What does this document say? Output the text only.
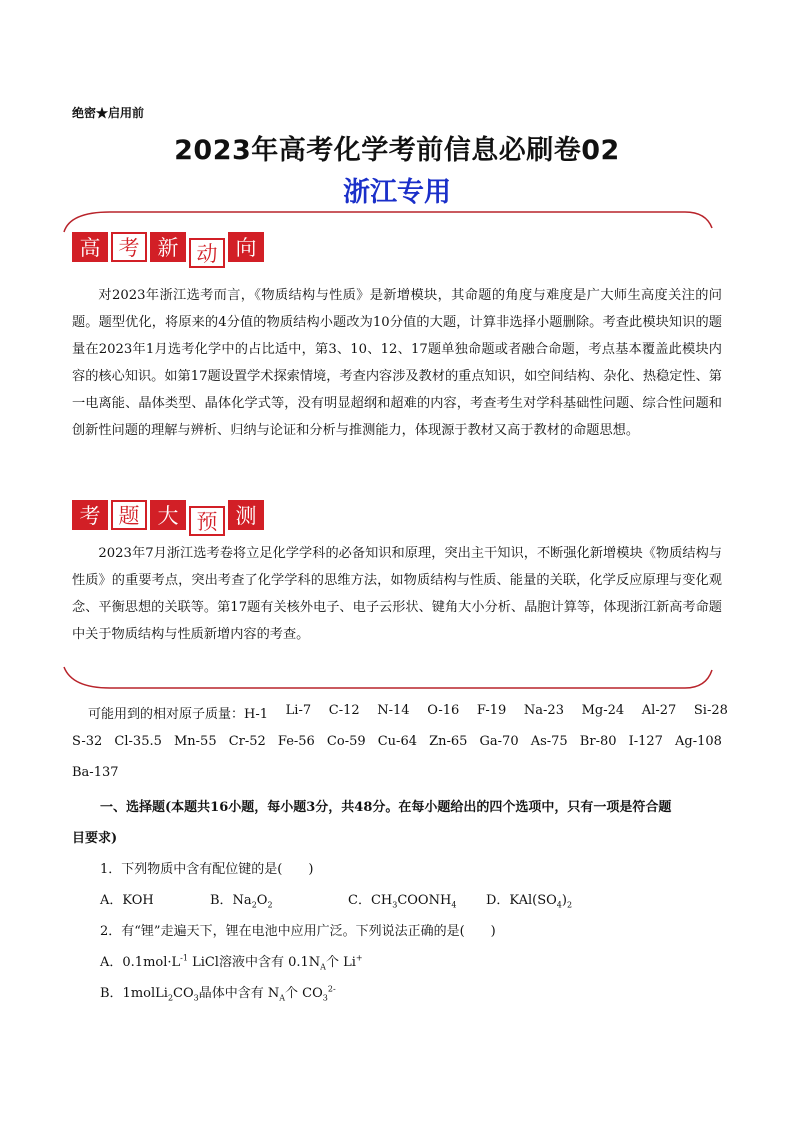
绝密★启用前
2023年高考化学考前信息必刷卷02
浙江专用
高 考 新 动 向
对2023年浙江选考而言，《物质结构与性质》是新增模块，其命题的角度与难度是广大师生高度关注的问题。题型优化，将原来的4分值的物质结构小题改为10分值的大题，计算非选择小题删除。考查此模块知识的题量在2023年1月选考化学中的占比适中，第3、10、12、17题单独命题或者融合命题，考点基本覆盖此模块内容的核心知识。如第17题设置学术探索情境，考查内容涉及教材的重点知识，如空间结构、杂化、热稳定性、第一电离能、晶体类型、晶体化学式等，没有明显超纲和超难的内容，考查考生对学科基础性问题、综合性问题和创新性问题的理解与辨析、归纳与论证和分析与推测能力，体现源于教材又高于教材的命题思想。
考 题 大 预 测
2023年7月浙江选考卷将立足化学学科的必备知识和原理，突出主干知识，不断强化新增模块《物质结构与性质》的重要考点，突出考查了化学学科的思维方法，如物质结构与性质、能量的关联，化学反应原理与变化观念、平衡思想的关联等。第17题有关核外电子、电子云形状、键角大小分析、晶胞计算等，体现浙江新高考命题中关于物质结构与性质新增内容的考查。
可能用到的相对原子质量：H-1 Li-7 C-12 N-14 O-16 F-19 Na-23 Mg-24 Al-27 Si-28
S-32 Cl-35.5 Mn-55 Cr-52 Fe-56 Co-59 Cu-64 Zn-65 Ga-70 As-75 Br-80 I-127 Ag-108
Ba-137
一、选择题(本题共16小题，每小题3分，共48分。在每小题给出的四个选项中，只有一项是符合题
目要求)
1．下列物质中含有配位键的是(　　)
A．KOH	B．$Na_2O_2$	C．$CH_3COONH_4$ D．$KAl(SO_4)_2$
2．有“锂”走遍天下，锂在电池中应用广泛。下列说法正确的是(　　)
A．$0.1mol\cdot L^{-1}$ LiCl溶液中含有 $0.1N_A$个 Li+
B．$1molLi_2CO_3$晶体中含有 $N_A$个 $CO_3^{2-}$
